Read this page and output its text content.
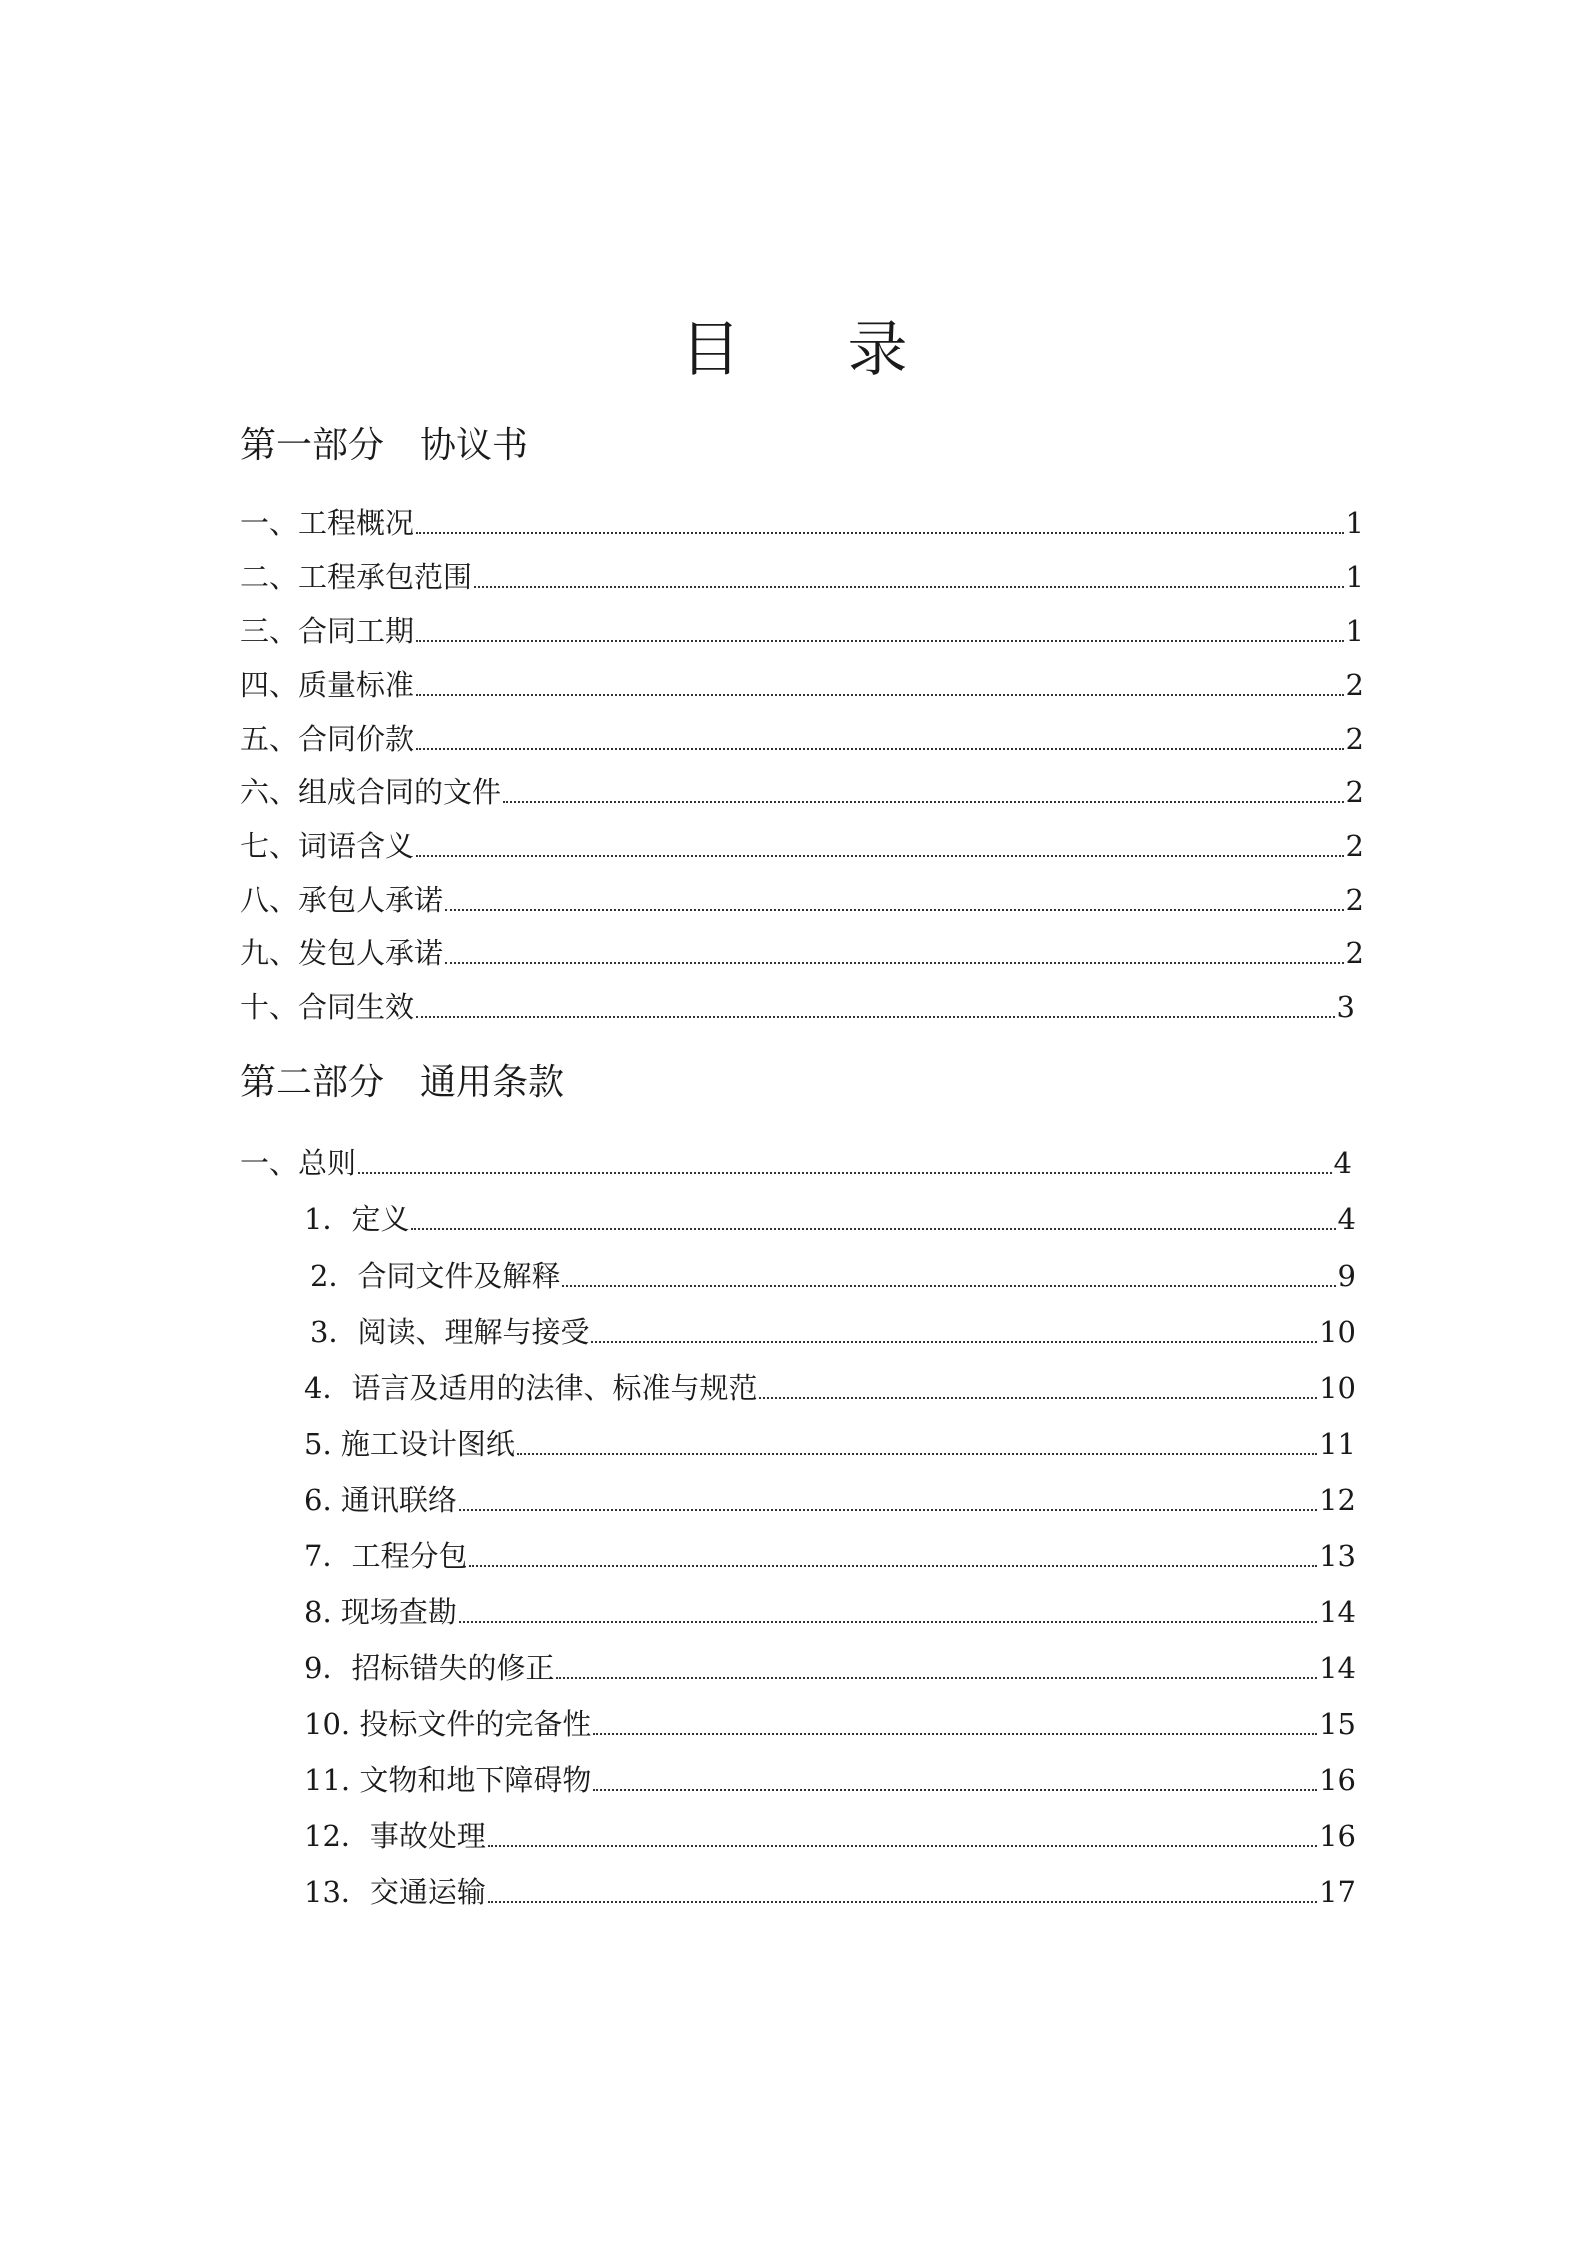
目 录
第一部分　协议书
一、工程概况	1
二、工程承包范围	1
三、合同工期	1
四、质量标准	2
五、合同价款	2
六、组成合同的文件	2
七、词语含义	2
八、承包人承诺	2
九、发包人承诺	2
十、合同生效	3
第二部分　通用条款
一、总则	4
1．定义	4
2．合同文件及解释	9
3．阅读、理解与接受	10
4．语言及适用的法律、标准与规范	10
5. 施工设计图纸	11
6. 通讯联络	12
7．工程分包	13
8. 现场查勘	14
9．招标错失的修正	14
10. 投标文件的完备性	15
11. 文物和地下障碍物	16
12．事故处理	16
13．交通运输	17
